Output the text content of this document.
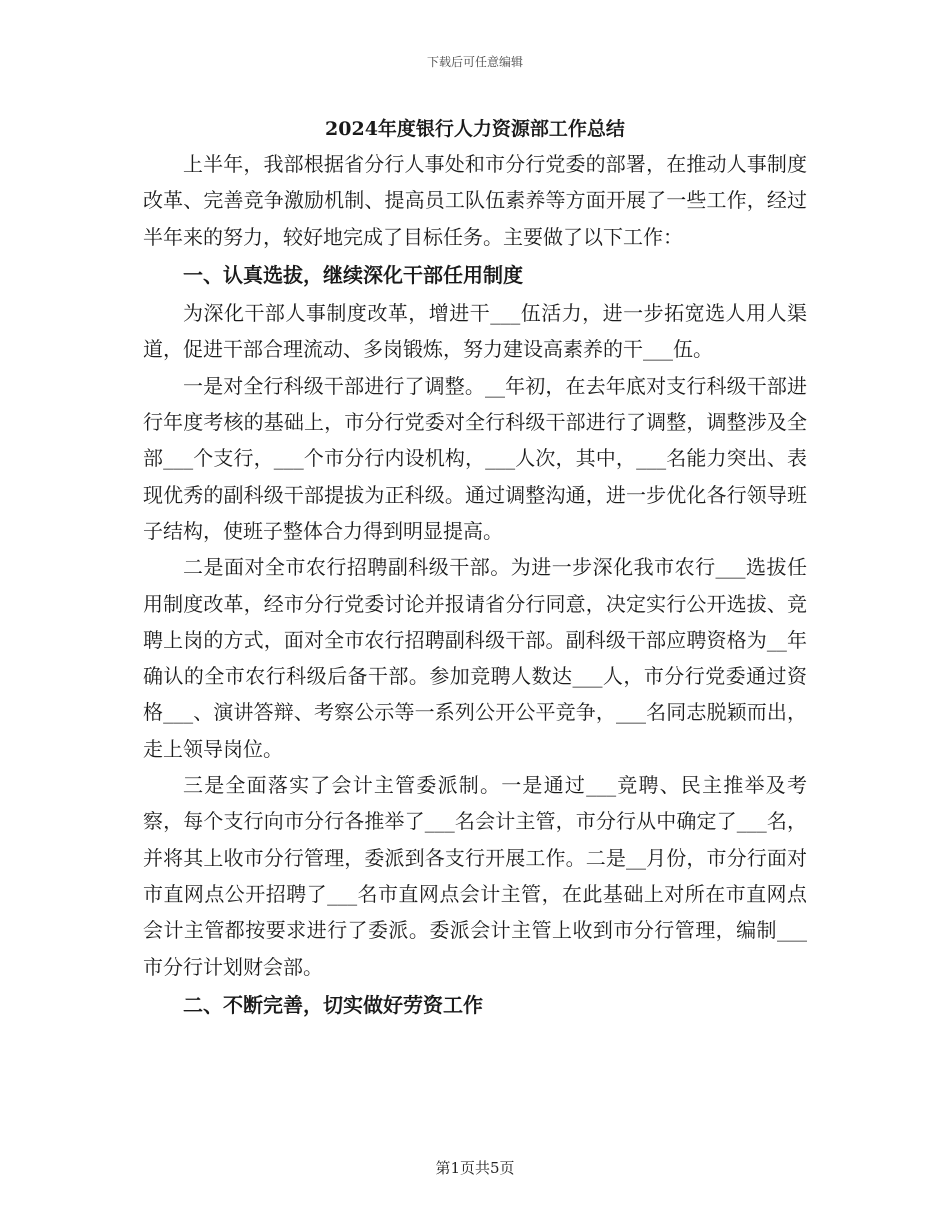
下载后可任意编辑
2024年度银行人力资源部工作总结

上半年，我部根据省分行人事处和市分行党委的部署，在推动人事制度改革、完善竞争激励机制、提高员工队伍素养等方面开展了一些工作，经过半年来的努力，较好地完成了目标任务。主要做了以下工作：

一、认真选拔，继续深化干部任用制度

为深化干部人事制度改革，增进干___伍活力，进一步拓宽选人用人渠道，促进干部合理流动、多岗锻炼，努力建设高素养的干___伍。

一是对全行科级干部进行了调整。__年初，在去年底对支行科级干部进行年度考核的基础上，市分行党委对全行科级干部进行了调整，调整涉及全部___个支行，___个市分行内设机构，___人次，其中，___名能力突出、表现优秀的副科级干部提拔为正科级。通过调整沟通，进一步优化各行领导班子结构，使班子整体合力得到明显提高。

二是面对全市农行招聘副科级干部。为进一步深化我市农行___选拔任用制度改革，经市分行党委讨论并报请省分行同意，决定实行公开选拔、竞聘上岗的方式，面对全市农行招聘副科级干部。副科级干部应聘资格为__年确认的全市农行科级后备干部。参加竞聘人数达___人，市分行党委通过资格___、演讲答辩、考察公示等一系列公开公平竞争，___名同志脱颖而出，走上领导岗位。

三是全面落实了会计主管委派制。一是通过___竞聘、民主推举及考察，每个支行向市分行各推举了___名会计主管，市分行从中确定了___名，并将其上收市分行管理，委派到各支行开展工作。二是__月份，市分行面对市直网点公开招聘了___名市直网点会计主管，在此基础上对所在市直网点会计主管都按要求进行了委派。委派会计主管上收到市分行管理，编制___市分行计划财会部。

二、不断完善，切实做好劳资工作

第1页共5页
